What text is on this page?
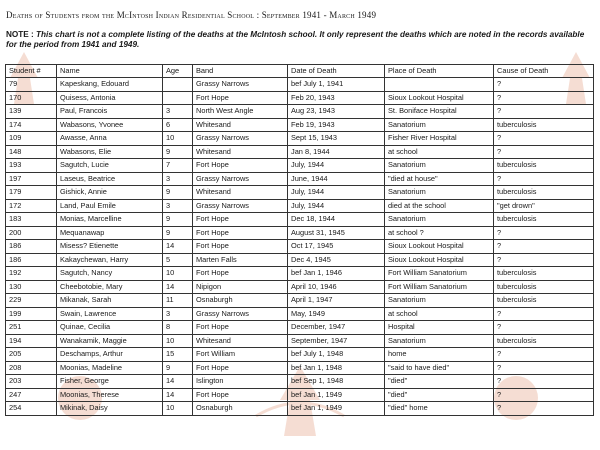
Deaths of Students from the McIntosh Indian Residential School : September 1941 - March 1949
NOTE : This chart is not a complete listing of the deaths at the McIntosh school. It only represent the deaths which are noted in the records available for the period from 1941 and 1949.
Student #	Name	Age	Band	Date of Death	Place of Death	Cause of Death
79	Kapeskang, Edouard		Grassy Narrows	bef July 1, 1941		?
170	Quisess, Antonia		Fort Hope	Feb 20, 1943	Sioux Lookout Hospital	?
139	Paul, Francois	3	North West Angle	Aug 23, 1943	St. Boniface Hospital	?
174	Wabasons, Yvonee	6	Whitesand	Feb 19, 1943	Sanatorium	tuberculosis
109	Awasse, Anna	10	Grassy Narrows	Sept 15, 1943	Fisher River Hospital	?
148	Wabasons, Elie	9	Whitesand	Jan 8, 1944	at school	?
193	Sagutch, Lucie	7	Fort Hope	July, 1944	Sanatorium	tuberculosis
197	Laseus, Beatrice	3	Grassy Narrows	June, 1944	"died at house"	?
179	Gishick, Annie	9	Whitesand	July, 1944	Sanatorium	tuberculosis
172	Land, Paul Emile	3	Grassy Narrows	July, 1944	died at the school	"get drown"
183	Monias, Marcelline	9	Fort Hope	Dec 18, 1944	Sanatorium	tuberculosis
200	Mequanawap	9	Fort Hope	August 31, 1945	at school ?	?
186	Misess? Etienette	14	Fort Hope	Oct 17, 1945	Sioux Lookout Hospital	?
186	Kakaychewan, Harry	5	Marten Falls	Dec 4, 1945	Sioux Lookout Hospital	?
192	Sagutch, Nancy	10	Fort Hope	bef Jan 1, 1946	Fort William Sanatorium	tuberculosis
130	Cheebotobie, Mary	14	Nipigon	April 10, 1946	Fort William Sanatorium	tuberculosis
229	Mikanak, Sarah	11	Osnaburgh	April 1, 1947	Sanatorium	tuberculosis
199	Swain, Lawrence	3	Grassy Narrows	May, 1949	at school	?
251	Quinae, Cecilia	8	Fort Hope	December, 1947	Hospital	?
194	Wanakamik, Maggie	10	Whitesand	September, 1947	Sanatorium	tuberculosis
205	Deschamps, Arthur	15	Fort William	bef July 1, 1948	home	?
208	Moonias, Madeline	9	Fort Hope	bef Jan 1, 1948	"said to have died"	?
203	Fisher, George	14	Islington	bef Sep 1, 1948	"died"	?
247	Moonias, Therese	14	Fort Hope	bef Jan 1, 1949	"died"	?
254	Mikinak, Daisy	10	Osnaburgh	bef Jan 1, 1949	"died" home	?
